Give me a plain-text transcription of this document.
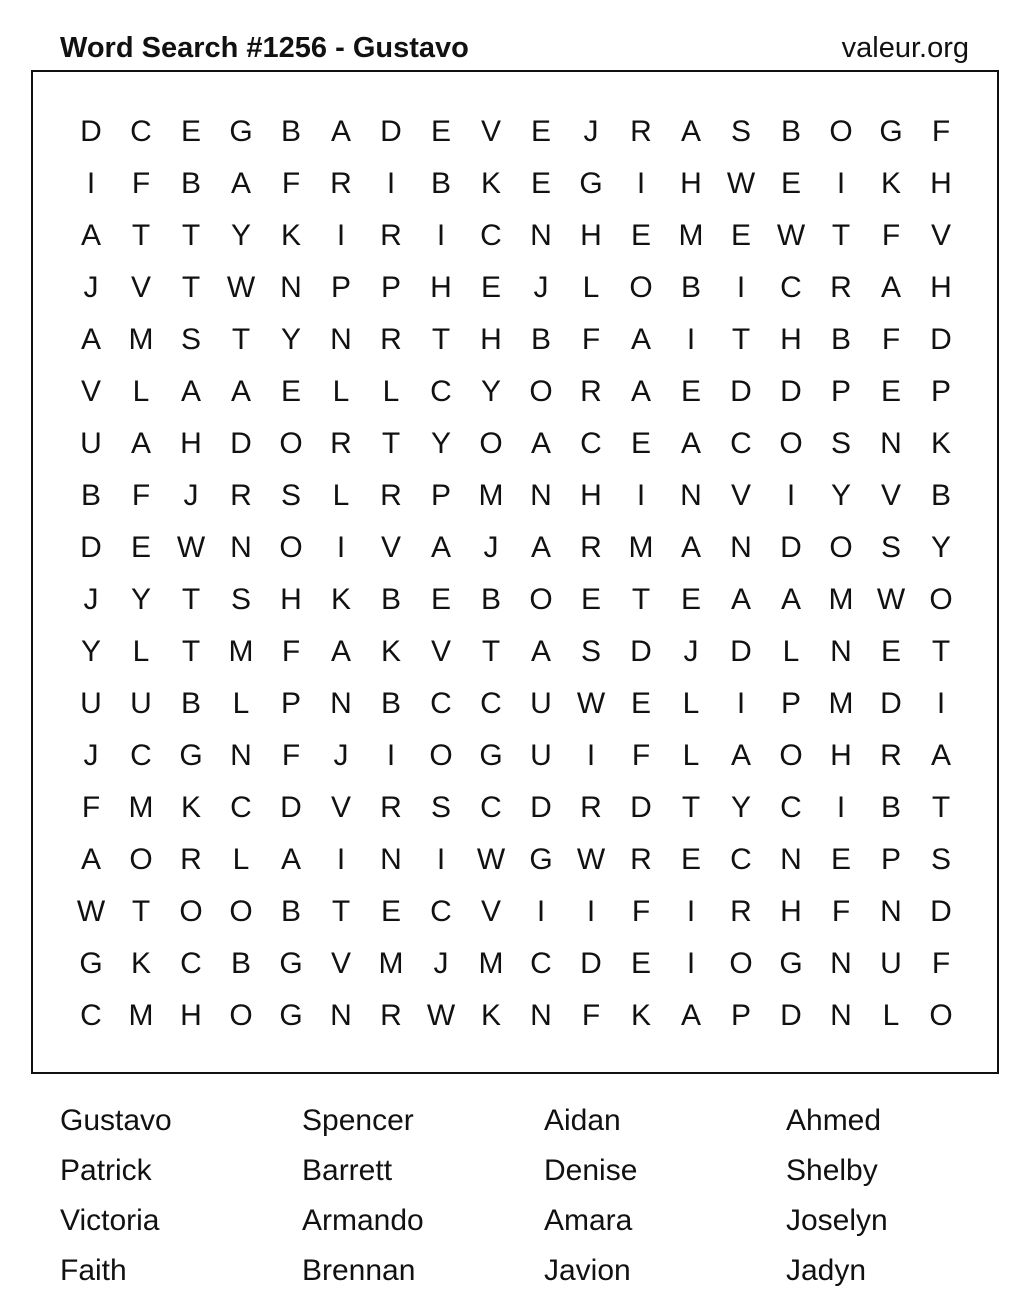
Word Search #1256 - Gustavo	valeur.org
D C E G B A D E V E	J	R A S B O G F
I	F	B A	F	R	I	B K E G	I	H W E	I	K H
A	T	T	Y K	I	R	I	C N H E M E W T	F	V
J	V	T W N P P H E	J	L O B	I	C R A H
A M S	T	Y N R	T	H B	F	A	I	T	H B	F	D
V	L	A A E	L	L	C Y O R A E D D P E P
U A H D O R	T	Y O A C E A C O S N K
B	F	J	R S	L	R P M N H	I	N V	I	Y V B
D E W N O	I	V A	J	A R M A N D O S Y
J	Y	T	S H K B E B O E	T	E A A M W O
Y	L	T M F	A K V	T	A S D	J	D	L	N E	T
U U B	L	P N B C C U W E	L	I	P M D	I
J	C G N	F	J	I	O G U	I	F	L	A O H R A
F M K C D V R S C D R D	T	Y C	I	B	T
A O R	L	A	I	N	I	W G W R E C N E P S
W T O O B	T	E C V	I	I	F	I	R H	F	N D
G K C B G V M	J	M C D E	I	O G N U	F
C M H O G N R W K N	F	K A P D N	L O
Gustavo	Spencer	Aidan	Ahmed
Patrick	Barrett	Denise	Shelby
Victoria	Armando	Amara	Joselyn
Faith	Brennan	Javion	Jadyn
